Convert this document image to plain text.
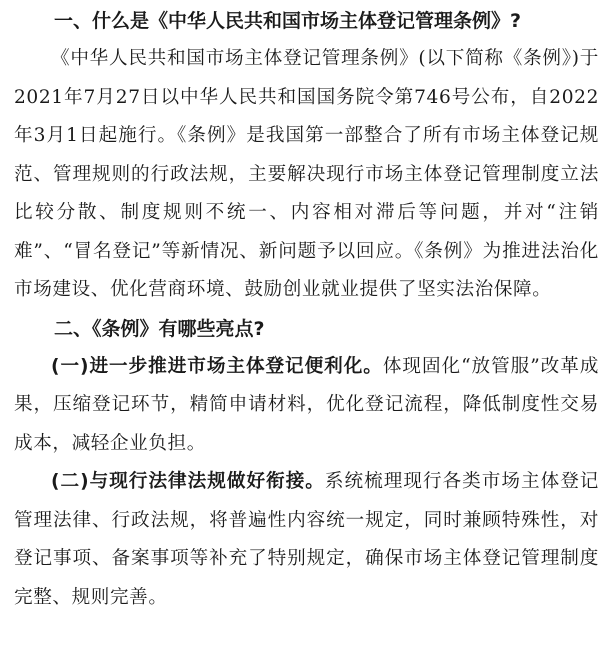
一、什么是《中华人民共和国市场主体登记管理条例》?

《中华人民共和国市场主体登记管理条例》(以下简称《条例》)于2021年7月27日以中华人民共和国国务院令第746号公布，自2022年3月1日起施行。《条例》是我国第一部整合了所有市场主体登记规范、管理规则的行政法规，主要解决现行市场主体登记管理制度立法比较分散、制度规则不统一、内容相对滞后等问题，并对“注销难”、“冒名登记”等新情况、新问题予以回应。《条例》为推进法治化市场建设、优化营商环境、鼓励创业就业提供了坚实法治保障。

二、《条例》有哪些亮点?

(一)进一步推进市场主体登记便利化。体现固化“放管服”改革成果，压缩登记环节，精简申请材料，优化登记流程，降低制度性交易成本，减轻企业负担。

(二)与现行法律法规做好衔接。系统梳理现行各类市场主体登记管理法律、行政法规，将普遍性内容统一规定，同时兼顾特殊性，对登记事项、备案事项等补充了特别规定，确保市场主体登记管理制度完整、规则完善。
